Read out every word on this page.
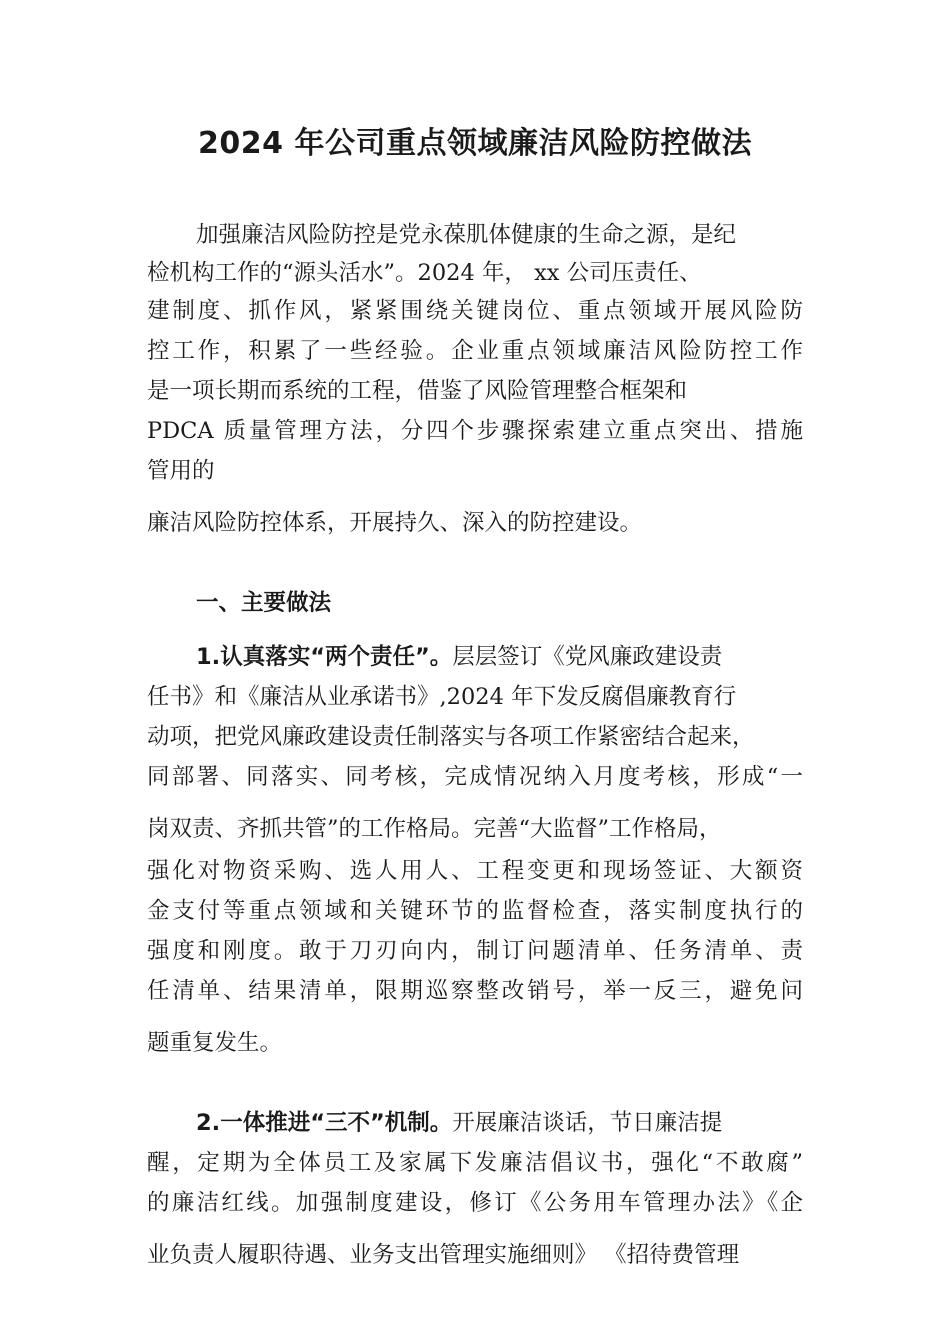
2024 年公司重点领域廉洁风险防控做法
加强廉洁风险防控是党永葆肌体健康的生命之源，是纪
检机构工作的“源头活水”。2024 年， xx 公司压责任、
建制度、抓作风，紧紧围绕关键岗位、重点领域开展风险防
控工作，积累了一些经验。企业重点领域廉洁风险防控工作
是一项长期而系统的工程，借鉴了风险管理整合框架和
PDCA 质量管理方法，分四个步骤探索建立重点突出、措施
管用的
廉洁风险防控体系，开展持久、深入的防控建设。
一、主要做法
1.认真落实“两个责任”。层层签订《党风廉政建设责
任书》和《廉洁从业承诺书》,2024 年下发反腐倡廉教育行
动项，把党风廉政建设责任制落实与各项工作紧密结合起来，
同部署、同落实、同考核，完成情况纳入月度考核，形成“一
岗双责、齐抓共管”的工作格局。完善“大监督”工作格局，
强化对物资采购、选人用人、工程变更和现场签证、大额资
金支付等重点领域和关键环节的监督检查，落实制度执行的
强度和刚度。敢于刀刃向内，制订问题清单、任务清单、责
任清单、结果清单，限期巡察整改销号，举一反三，避免问
题重复发生。
2.一体推进“三不”机制。开展廉洁谈话，节日廉洁提
醒，定期为全体员工及家属下发廉洁倡议书，强化“不敢腐”
的廉洁红线。加强制度建设，修订《公务用车管理办法》《企
业负责人履职待遇、业务支出管理实施细则》 《招待费管理
